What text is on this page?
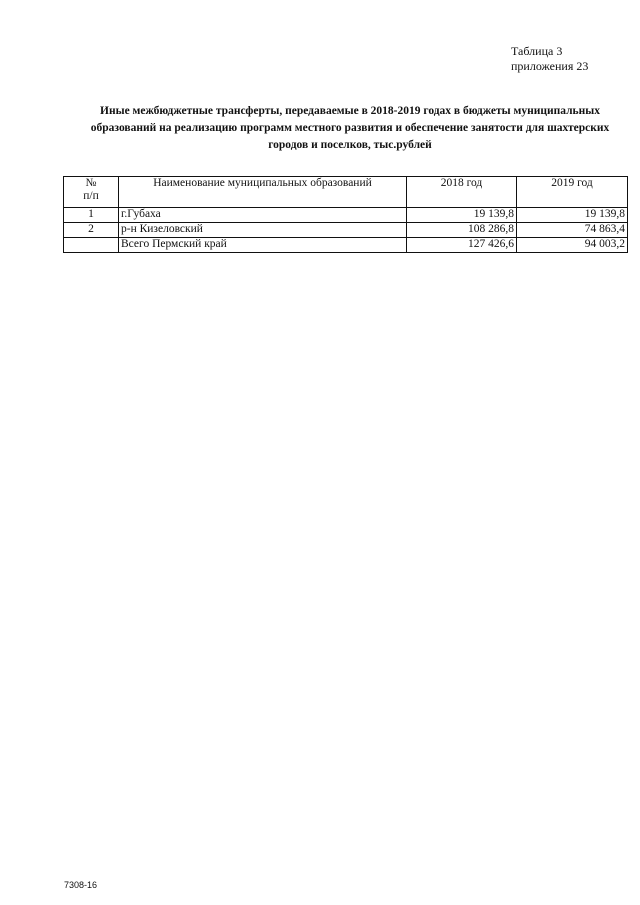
Таблица 3
приложения 23
Иные межбюджетные трансферты, передаваемые в 2018-2019 годах в бюджеты муниципальных
образований на реализацию программ местного развития и обеспечение занятости для шахтерских
городов и поселков, тыс.рублей
№
п/п	Наименование муниципальных образований	2018 год	2019 год
1	г.Губаха	19 139,8	19 139,8
2	р-н Кизеловский	108 286,8	74 863,4
	Всего Пермский край	127 426,6	94 003,2
7308-16
